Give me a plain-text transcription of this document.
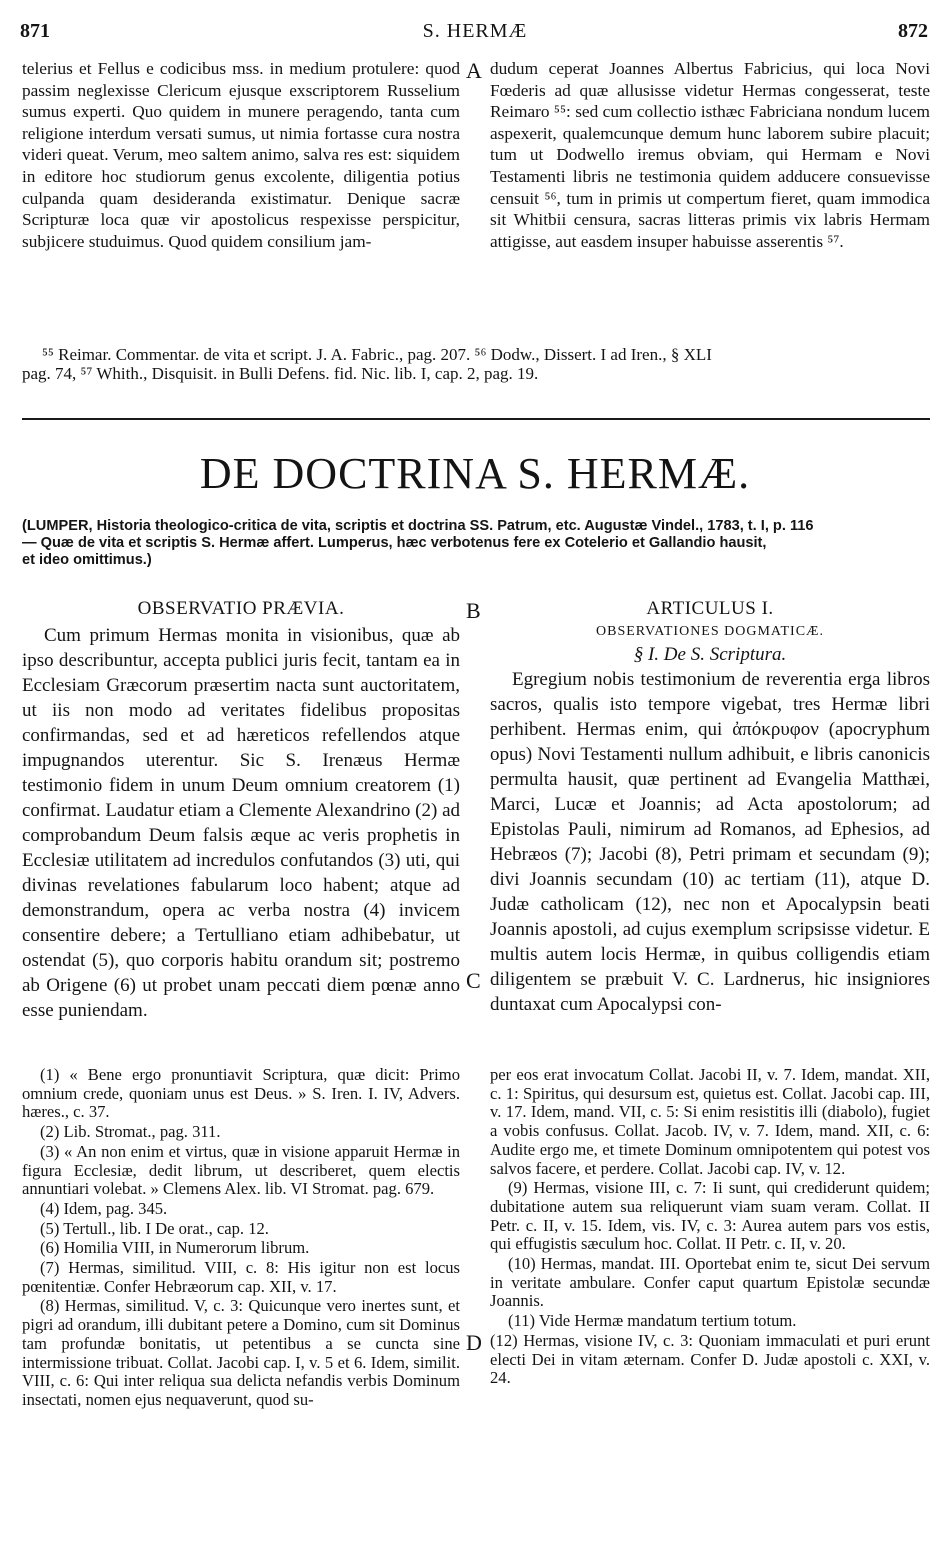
871	S. HERMÆ	872

telerius et Fellus e codicibus mss. in medium protulere: quod passim neglexisse Clericum ejusque exscriptorem Russelium sumus experti. Quo quidem in munere peragendo, tanta cum religione interdum versati sumus, ut nimia fortasse cura nostra videri queat. Verum, meo saltem animo, salva res est: siquidem in editore hoc studiorum genus excolente, diligentia potius culpanda quam desideranda existimatur. Denique sacræ Scripturæ loca quæ vir apostolicus respexisse perspicitur, subjicere studuimus. Quod quidem consilium jam-

A dudum ceperat Joannes Albertus Fabricius, qui loca Novi Fœderis ad quæ allusisse videtur Hermas congesserat, teste Reimaro ⁵⁵: sed cum collectio isthæc Fabriciana nondum lucem aspexerit, qualemcunque demum hunc laborem subire placuit; tum ut Dodwello iremus obviam, qui Hermam e Novi Testamenti libris ne testimonia quidem adducere consuevisse censuit ⁵⁶, tum in primis ut compertum fieret, quam immodica sit Whitbii censura, sacras litteras primis vix labris Hermam attigisse, aut easdem insuper habuisse asserentis ⁵⁷.

⁵⁵ Reimar. Commentar. de vita et script. J. A. Fabric., pag. 207. ⁵⁶ Dodw., Dissert. I ad Iren., § XLI
pag. 74, ⁵⁷ Whith., Disquisit. in Bulli Defens. fid. Nic. lib. I, cap. 2, pag. 19.
DE DOCTRINA S. HERMÆ.
(LUMPER, Historia theologico-critica de vita, scriptis et doctrina SS. Patrum, etc. Augustæ Vindel., 1783, t. I, p. 116
— Quæ de vita et scriptis S. Hermæ affert. Lumperus, hæc verbotenus fere ex Cotelerio et Gallandio hausit,
et ideo omittimus.)
OBSERVATIO PRÆVIA.

Cum primum Hermas monita in visionibus, quæ ab ipso describuntur, accepta publici juris fecit, tantam ea in Ecclesiam Græcorum præsertim nacta sunt auctoritatem, ut iis non modo ad veritates fidelibus propositas confirmandas, sed et ad hæreticos refellendos atque impugnandos uterentur. Sic S. Irenæus Hermæ testimonio fidem in unum Deum omnium creatorem (1) confirmat. Laudatur etiam a Clemente Alexandrino (2) ad comprobandum Deum falsis æque ac veris prophetis in Ecclesiæ utilitatem ad incredulos confutandos (3) uti, qui divinas revelationes fabularum loco habent; atque ad demonstrandum, opera ac verba nostra (4) invicem consentire debere; a Tertulliano etiam adhibebatur, ut ostendat (5), quo corporis habitu orandum sit; postremo ab Origene (6) ut probet unam peccati diem pœnæ anno esse puniendam.

B
C
ARTICULUS I.
OBSERVATIONES DOGMATICÆ.
§ I. De S. Scriptura.

Egregium nobis testimonium de reverentia erga libros sacros, qualis isto tempore vigebat, tres Hermæ libri perhibent. Hermas enim, qui ἀπόκρυφον (apocryphum opus) Novi Testamenti nullum adhibuit, e libris canonicis permulta hausit, quæ pertinent ad Evangelia Matthæi, Marci, Lucæ et Joannis; ad Acta apostolorum; ad Epistolas Pauli, nimirum ad Romanos, ad Ephesios, ad Hebræos (7); Jacobi (8), Petri primam et secundam (9); divi Joannis secundam (10) ac tertiam (11), atque D. Judæ catholicam (12), nec non et Apocalypsin beati Joannis apostoli, ad cujus exemplum scripsisse videtur. E multis autem locis Hermæ, in quibus colligendis etiam diligentem se præbuit V. C. Lardnerus, hic insigniores duntaxat cum Apocalypsi con-

(1) « Bene ergo pronuntiavit Scriptura, quæ dicit: Primo omnium crede, quoniam unus est Deus. » S. Iren. I. IV, Advers. hæres., c. 37.

(2) Lib. Stromat., pag. 311.

(3) « An non enim et virtus, quæ in visione apparuit Hermæ in figura Ecclesiæ, dedit librum, ut describeret, quem electis annuntiari volebat. » Clemens Alex. lib. VI Stromat. pag. 679.

(4) Idem, pag. 345.

(5) Tertull., lib. I De orat., cap. 12.

(6) Homilia VIII, in Numerorum librum.

(7) Hermas, similitud. VIII, c. 8: His igitur non est locus pœnitentiæ. Confer Hebræorum cap. XII, v. 17.

(8) Hermas, similitud. V, c. 3: Quicunque vero inertes sunt, et pigri ad orandum, illi dubitant petere a Domino, cum sit Dominus tam profundæ bonitatis, ut petentibus a se cuncta sine intermissione tribuat. Collat. Jacobi cap. I, v. 5 et 6. Idem, similit. VIII, c. 6: Qui inter reliqua sua delicta nefandis verbis Dominum insectati, nomen ejus nequaverunt, quod su-

D

per eos erat invocatum Collat. Jacobi II, v. 7. Idem, mandat. XII, c. 1: Spiritus, qui desursum est, quietus est. Collat. Jacobi cap. III, v. 17. Idem, mand. VII, c. 5: Si enim resistitis illi (diabolo), fugiet a vobis confusus. Collat. Jacob. IV, v. 7. Idem, mand. XII, c. 6: Audite ergo me, et timete Dominum omnipotentem qui potest vos salvos facere, et perdere. Collat. Jacobi cap. IV, v. 12.

(9) Hermas, visione III, c. 7: Ii sunt, qui crediderunt quidem; dubitatione autem sua reliquerunt viam suam veram. Collat. II Petr. c. II, v. 15. Idem, vis. IV, c. 3: Aurea autem pars vos estis, qui effugistis sæculum hoc. Collat. II Petr. c. II, v. 20.

(10) Hermas, mandat. III. Oportebat enim te, sicut Dei servum in veritate ambulare. Confer caput quartum Epistolæ secundæ Joannis.

(11) Vide Hermæ mandatum tertium totum.

(12) Hermas, visione IV, c. 3: Quoniam immaculati et puri erunt electi Dei in vitam æternam. Confer D. Judæ apostoli c. XXI, v. 24.
